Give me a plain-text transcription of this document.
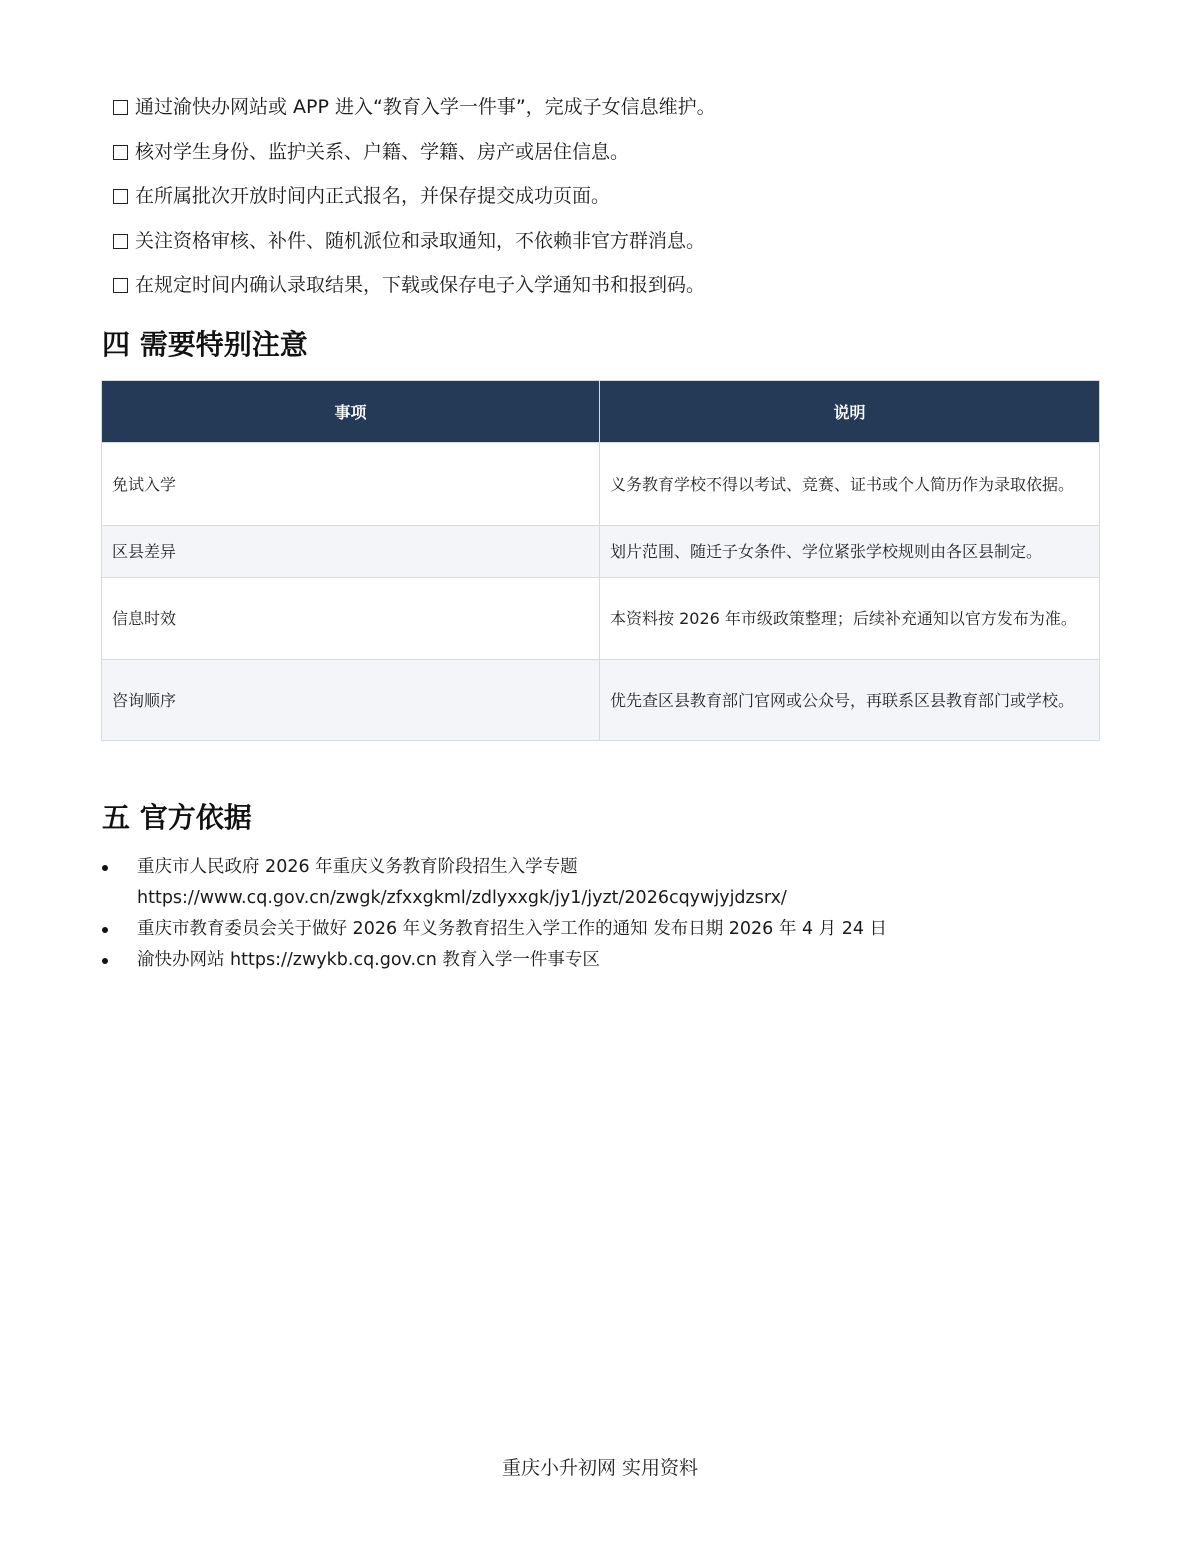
通过渝快办网站或 APP 进入“教育入学一件事”，完成子女信息维护。
核对学生身份、监护关系、户籍、学籍、房产或居住信息。
在所属批次开放时间内正式报名，并保存提交成功页面。
关注资格审核、补件、随机派位和录取通知，不依赖非官方群消息。
在规定时间内确认录取结果，下载或保存电子入学通知书和报到码。
四 需要特别注意
事项	说明
免试入学	义务教育学校不得以考试、竞赛、证书或个人简历作为录取依据。
区县差异	划片范围、随迁子女条件、学位紧张学校规则由各区县制定。
信息时效	本资料按 2026 年市级政策整理；后续补充通知以官方发布为准。
咨询顺序	优先查区县教育部门官网或公众号，再联系区县教育部门或学校。
五 官方依据
重庆市人民政府 2026 年重庆义务教育阶段招生入学专题
https://www.cq.gov.cn/zwgk/zfxxgkml/zdlyxxgk/jy1/jyzt/2026cqywjyjdzsrx/
重庆市教育委员会关于做好 2026 年义务教育招生入学工作的通知 发布日期 2026 年 4 月 24 日
渝快办网站 https://zwykb.cq.gov.cn 教育入学一件事专区
重庆小升初网 实用资料
